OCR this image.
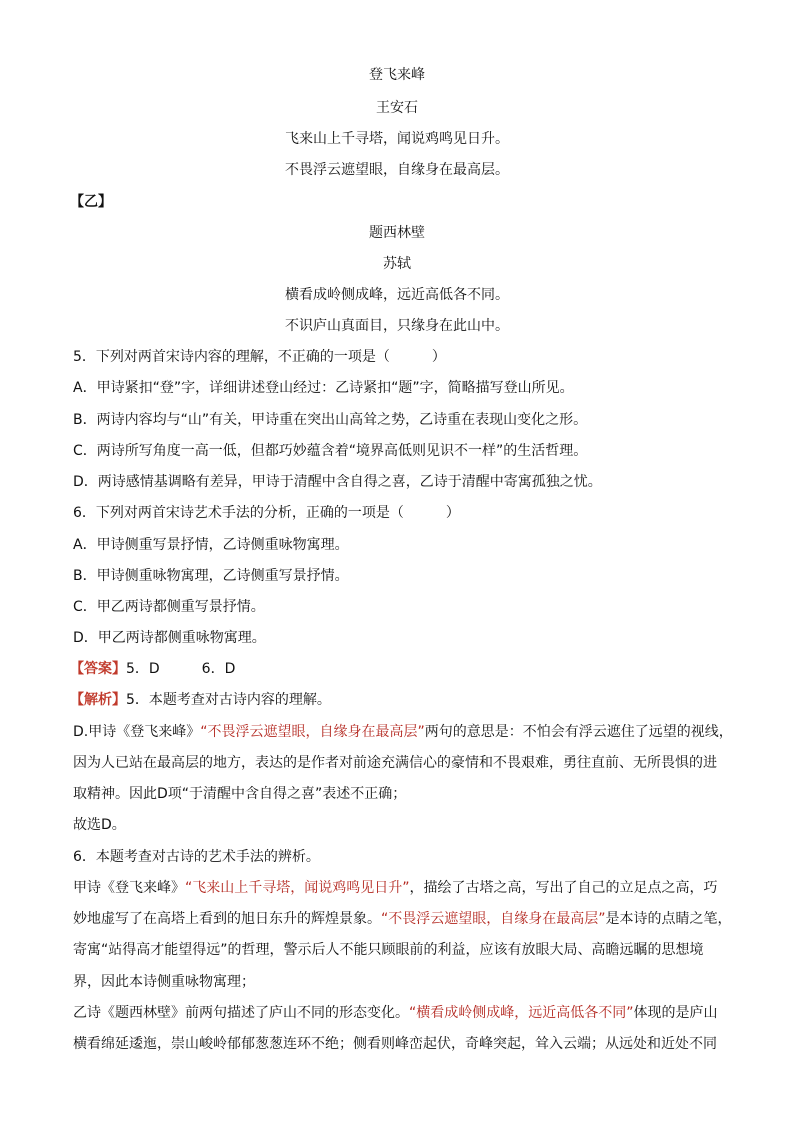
登飞来峰
王安石
飞来山上千寻塔，闻说鸡鸣见日升。
不畏浮云遮望眼，自缘身在最高层。
【乙】
题西林壁
苏轼
横看成岭侧成峰，远近高低各不同。
不识庐山真面目，只缘身在此山中。
5．下列对两首宋诗内容的理解，不正确的一项是（　　　）
A．甲诗紧扣“登”字，详细讲述登山经过：乙诗紧扣“题”字，简略描写登山所见。
B．两诗内容均与“山”有关，甲诗重在突出山高耸之势，乙诗重在表现山变化之形。
C．两诗所写角度一高一低，但都巧妙蕴含着“境界高低则见识不一样”的生活哲理。
D．两诗感情基调略有差异，甲诗于清醒中含自得之喜，乙诗于清醒中寄寓孤独之忧。
6．下列对两首宋诗艺术手法的分析，正确的一项是（　　　）
A．甲诗侧重写景抒情，乙诗侧重咏物寓理。
B．甲诗侧重咏物寓理，乙诗侧重写景抒情。
C．甲乙两诗都侧重写景抒情。
D．甲乙两诗都侧重咏物寓理。
【答案】5．D　　　6．D
【解析】5．本题考查对古诗内容的理解。
D.甲诗《登飞来峰》“不畏浮云遮望眼，自缘身在最高层”两句的意思是：不怕会有浮云遮住了远望的视线，
因为人已站在最高层的地方，表达的是作者对前途充满信心的豪情和不畏艰难，勇往直前、无所畏惧的进
取精神。因此D项“于清醒中含自得之喜”表述不正确；
故选D。
6．本题考查对古诗的艺术手法的辨析。
甲诗《登飞来峰》“飞来山上千寻塔，闻说鸡鸣见日升”，描绘了古塔之高，写出了自己的立足点之高，巧
妙地虚写了在高塔上看到的旭日东升的辉煌景象。“不畏浮云遮望眼，自缘身在最高层”是本诗的点睛之笔，
寄寓“站得高才能望得远”的哲理，警示后人不能只顾眼前的利益，应该有放眼大局、高瞻远瞩的思想境
界，因此本诗侧重咏物寓理；
乙诗《题西林壁》前两句描述了庐山不同的形态变化。“横看成岭侧成峰，远近高低各不同”体现的是庐山
横看绵延逶迤，崇山峻岭郁郁葱葱连环不绝；侧看则峰峦起伏，奇峰突起，耸入云端；从远处和近处不同
